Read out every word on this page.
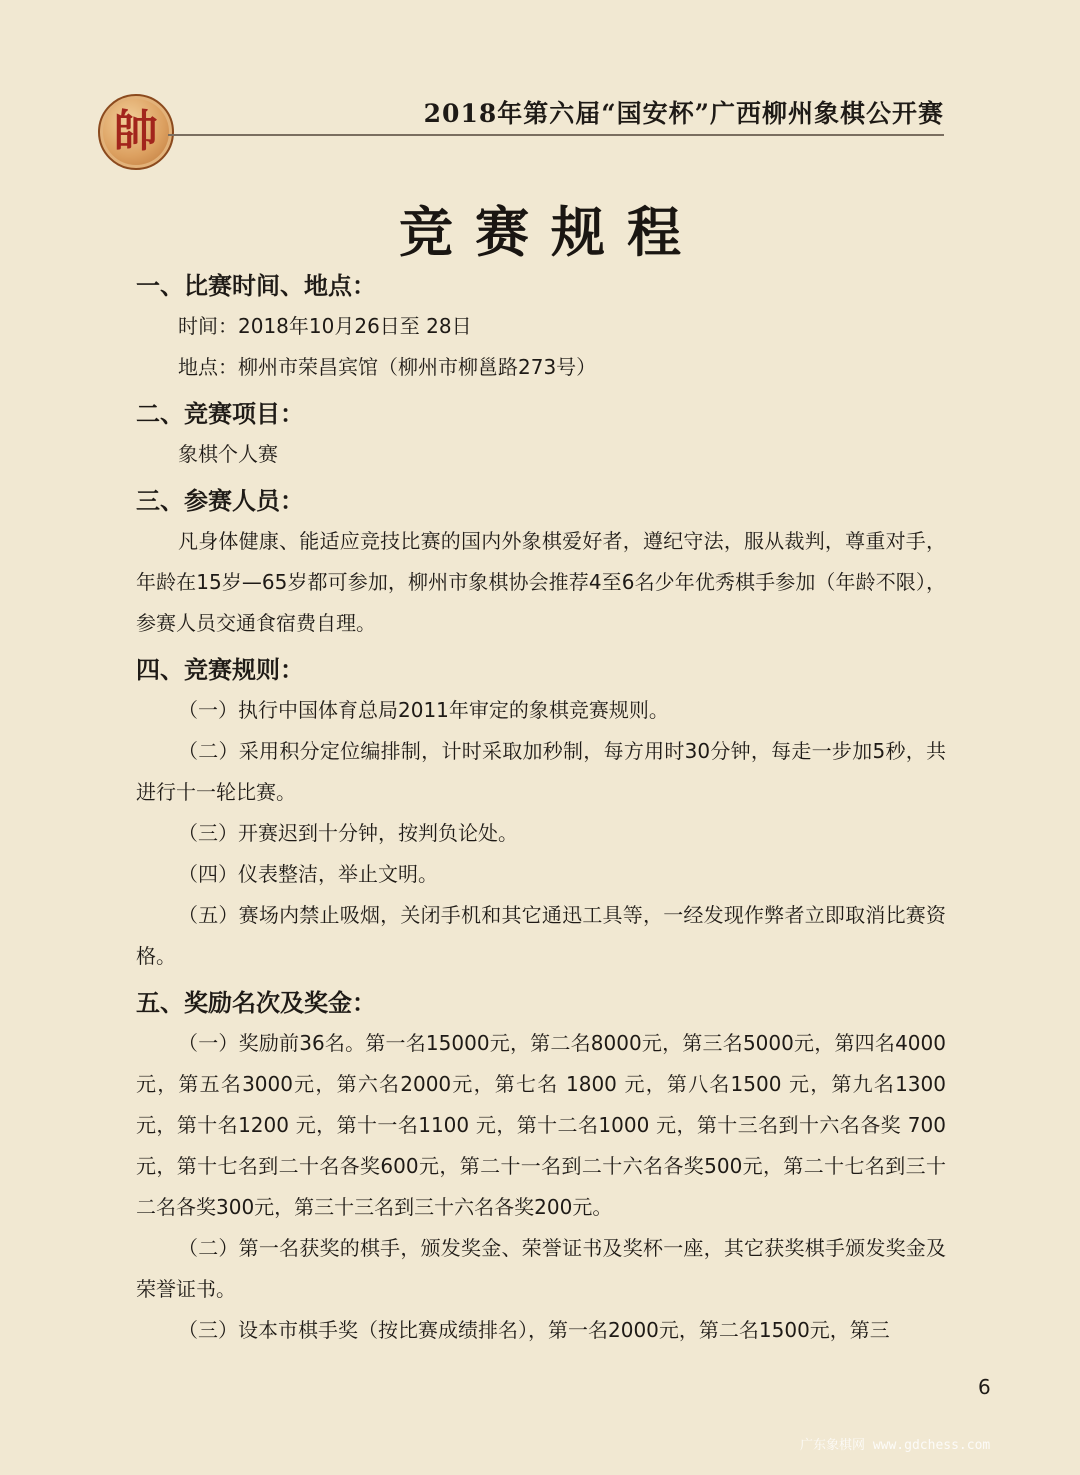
帥	2018年第六届“国安杯”广西柳州象棋公开赛
竞赛规程
一、比赛时间、地点：

时间：2018年10月26日至 28日

地点：柳州市荣昌宾馆（柳州市柳邕路273号）

二、竞赛项目：

象棋个人赛

三、参赛人员：

凡身体健康、能适应竞技比赛的国内外象棋爱好者，遵纪守法，服从裁判，尊重对手，年龄在15岁—65岁都可参加，柳州市象棋协会推荐4至6名少年优秀棋手参加（年龄不限），参赛人员交通食宿费自理。

四、竞赛规则：

（一）执行中国体育总局2011年审定的象棋竞赛规则。

（二）采用积分定位编排制，计时采取加秒制，每方用时30分钟，每走一步加5秒，共进行十一轮比赛。

（三）开赛迟到十分钟，按判负论处。

（四）仪表整洁，举止文明。

（五）赛场内禁止吸烟，关闭手机和其它通迅工具等，一经发现作弊者立即取消比赛资格。

五、奖励名次及奖金：

（一）奖励前36名。第一名15000元，第二名8000元，第三名5000元，第四名4000元，第五名3000元，第六名2000元，第七名 1800 元，第八名1500 元，第九名1300 元，第十名1200 元，第十一名1100 元，第十二名1000 元，第十三名到十六名各奖 700元，第十七名到二十名各奖600元，第二十一名到二十六名各奖500元，第二十七名到三十二名各奖300元，第三十三名到三十六名各奖200元。

（二）第一名获奖的棋手，颁发奖金、荣誉证书及奖杯一座，其它获奖棋手颁发奖金及荣誉证书。

（三）设本市棋手奖（按比赛成绩排名），第一名2000元，第二名1500元，第三

6
广东象棋网 www.gdchess.com
